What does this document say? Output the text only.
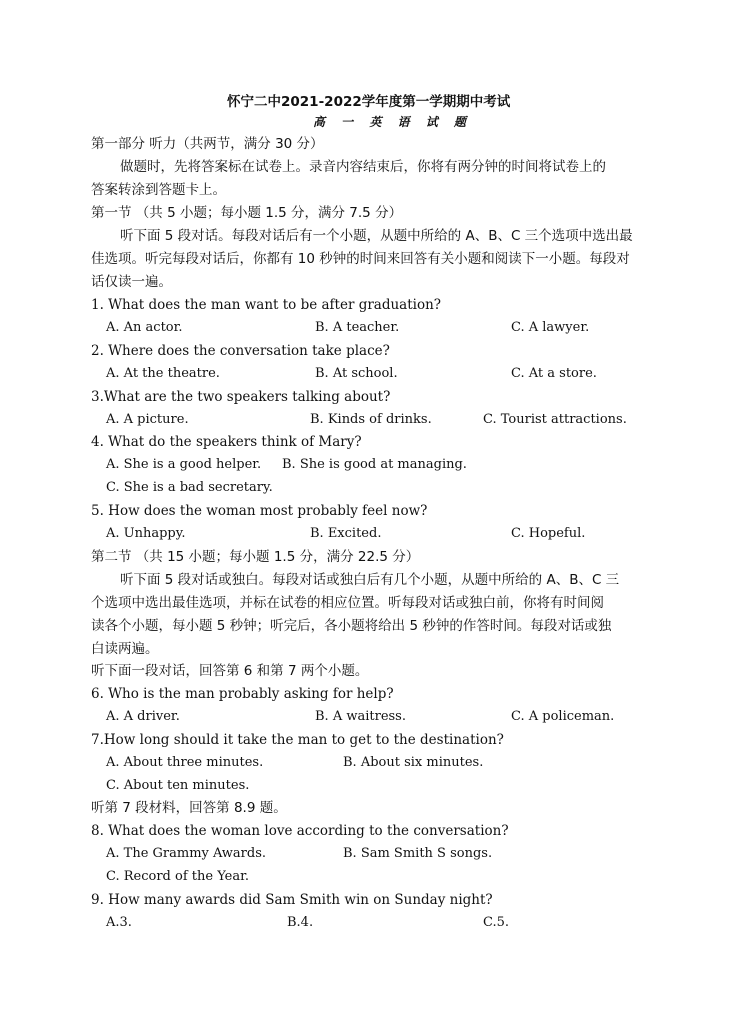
怀宁二中2021-2022学年度第一学期期中考试
高 一 英 语 试 题
第一部分 听力（共两节，满分 30 分）
做题时，先将答案标在试卷上。录音内容结束后，你将有两分钟的时间将试卷上的
答案转涂到答题卡上。
第一节 （共 5 小题；每小题 1.5 分，满分 7.5 分）
听下面 5 段对话。每段对话后有一个小题，从题中所给的 A、B、C 三个选项中选出最
佳选项。听完每段对话后，你都有 10 秒钟的时间来回答有关小题和阅读下一小题。每段对
话仅读一遍。
1. What does the man want to be after graduation?
A. An actor.	B. A teacher.	C. A lawyer.
2. Where does the conversation take place?
A. At the theatre.	B. At school.	C. At a store.
3.What are the two speakers talking about?
A. A picture.	B. Kinds of drinks.	C. Tourist attractions.
4. What do the speakers think of Mary?
A. She is a good helper. B. She is good at managing.
C. She is a bad secretary.
5. How does the woman most probably feel now?
A. Unhappy.	B. Excited.	C. Hopeful.
第二节 （共 15 小题；每小题 1.5 分，满分 22.5 分）
听下面 5 段对话或独白。每段对话或独白后有几个小题，从题中所给的 A、B、C 三
个选项中选出最佳选项，并标在试卷的相应位置。听每段对话或独白前，你将有时间阅
读各个小题，每小题 5 秒钟；听完后，各小题将给出 5 秒钟的作答时间。每段对话或独
白读两遍。
听下面一段对话，回答第 6 和第 7 两个小题。
6. Who is the man probably asking for help?
A. A driver.	B. A waitress.	C. A policeman.
7.How long should it take the man to get to the destination?
A. About three minutes.	B. About six minutes.
C. About ten minutes.
听第 7 段材料，回答第 8.9 题。
8. What does the woman love according to the conversation?
A. The Grammy Awards.	B. Sam Smith S songs.
C. Record of the Year.
9. How many awards did Sam Smith win on Sunday night?
A.3.	B.4.	C.5.
